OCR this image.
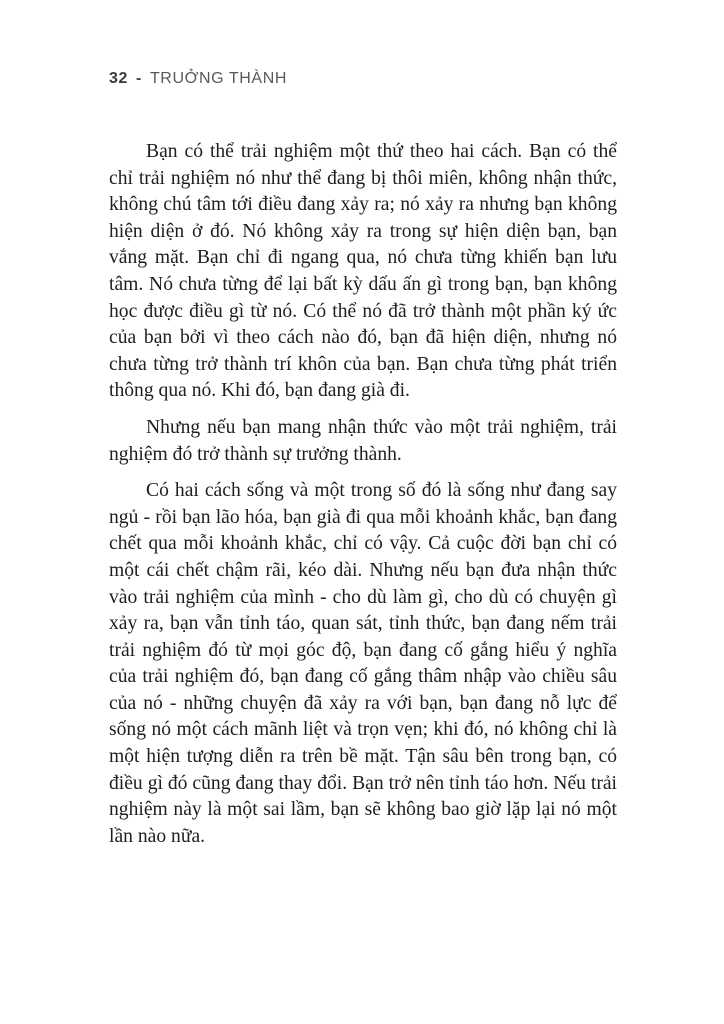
32 - TRUỞNG THÀNH

Bạn có thể trải nghiệm một thứ theo hai cách. Bạn có thể chỉ trải nghiệm nó như thể đang bị thôi miên, không nhận thức, không chú tâm tới điều đang xảy ra; nó xảy ra nhưng bạn không hiện diện ở đó. Nó không xảy ra trong sự hiện diện bạn, bạn vắng mặt. Bạn chỉ đi ngang qua, nó chưa từng khiến bạn lưu tâm. Nó chưa từng để lại bất kỳ dấu ấn gì trong bạn, bạn không học được điều gì từ nó. Có thể nó đã trở thành một phần ký ức của bạn bởi vì theo cách nào đó, bạn đã hiện diện, nhưng nó chưa từng trở thành trí khôn của bạn. Bạn chưa từng phát triển thông qua nó. Khi đó, bạn đang già đi.

Nhưng nếu bạn mang nhận thức vào một trải nghiệm, trải nghiệm đó trở thành sự trưởng thành.

Có hai cách sống và một trong số đó là sống như đang say ngủ - rồi bạn lão hóa, bạn già đi qua mỗi khoảnh khắc, bạn đang chết qua mỗi khoảnh khắc, chỉ có vậy. Cả cuộc đời bạn chỉ có một cái chết chậm rãi, kéo dài. Nhưng nếu bạn đưa nhận thức vào trải nghiệm của mình - cho dù làm gì, cho dù có chuyện gì xảy ra, bạn vẫn tỉnh táo, quan sát, tỉnh thức, bạn đang nếm trải trải nghiệm đó từ mọi góc độ, bạn đang cố gắng hiểu ý nghĩa của trải nghiệm đó, bạn đang cố gắng thâm nhập vào chiều sâu của nó - những chuyện đã xảy ra với bạn, bạn đang nỗ lực để sống nó một cách mãnh liệt và trọn vẹn; khi đó, nó không chỉ là một hiện tượng diễn ra trên bề mặt. Tận sâu bên trong bạn, có điều gì đó cũng đang thay đổi. Bạn trở nên tỉnh táo hơn. Nếu trải nghiệm này là một sai lầm, bạn sẽ không bao giờ lặp lại nó một lần nào nữa.
